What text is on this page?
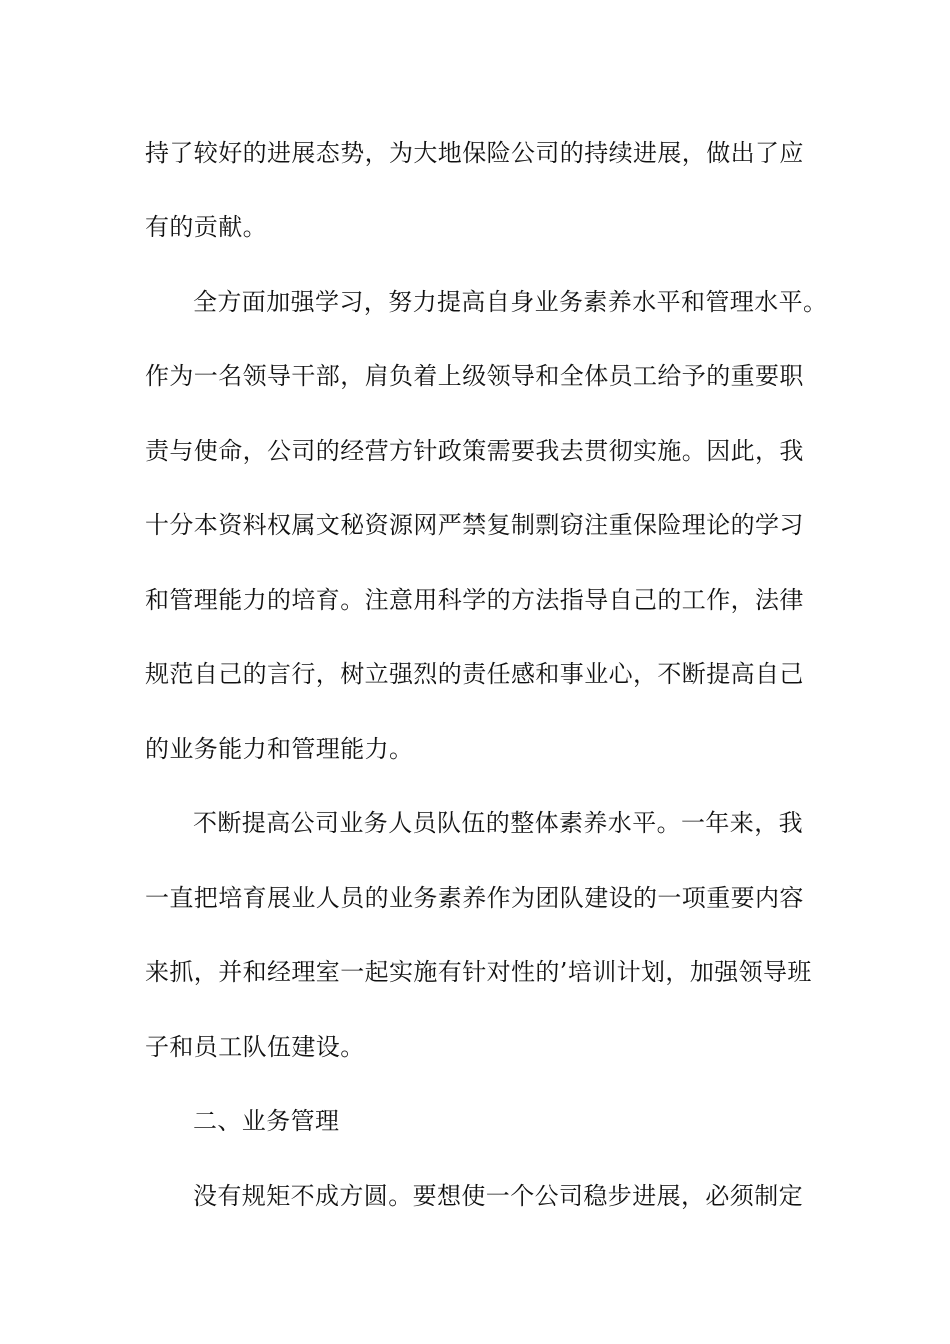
持了较好的进展态势，为大地保险公司的持续进展，做出了应

有的贡献。

全方面加强学习，努力提高自身业务素养水平和管理水平。

作为一名领导干部，肩负着上级领导和全体员工给予的重要职

责与使命，公司的经营方针政策需要我去贯彻实施。因此，我

十分本资料权属文秘资源网严禁复制剽窃注重保险理论的学习

和管理能力的培育。注意用科学的方法指导自己的工作，法律

规范自己的言行，树立强烈的责任感和事业心，不断提高自己

的业务能力和管理能力。

不断提高公司业务人员队伍的整体素养水平。一年来，我

一直把培育展业人员的业务素养作为团队建设的一项重要内容

来抓，并和经理室一起实施有针对性的’培训计划，加强领导班

子和员工队伍建设。

二、业务管理

没有规矩不成方圆。要想使一个公司稳步进展，必须制定
